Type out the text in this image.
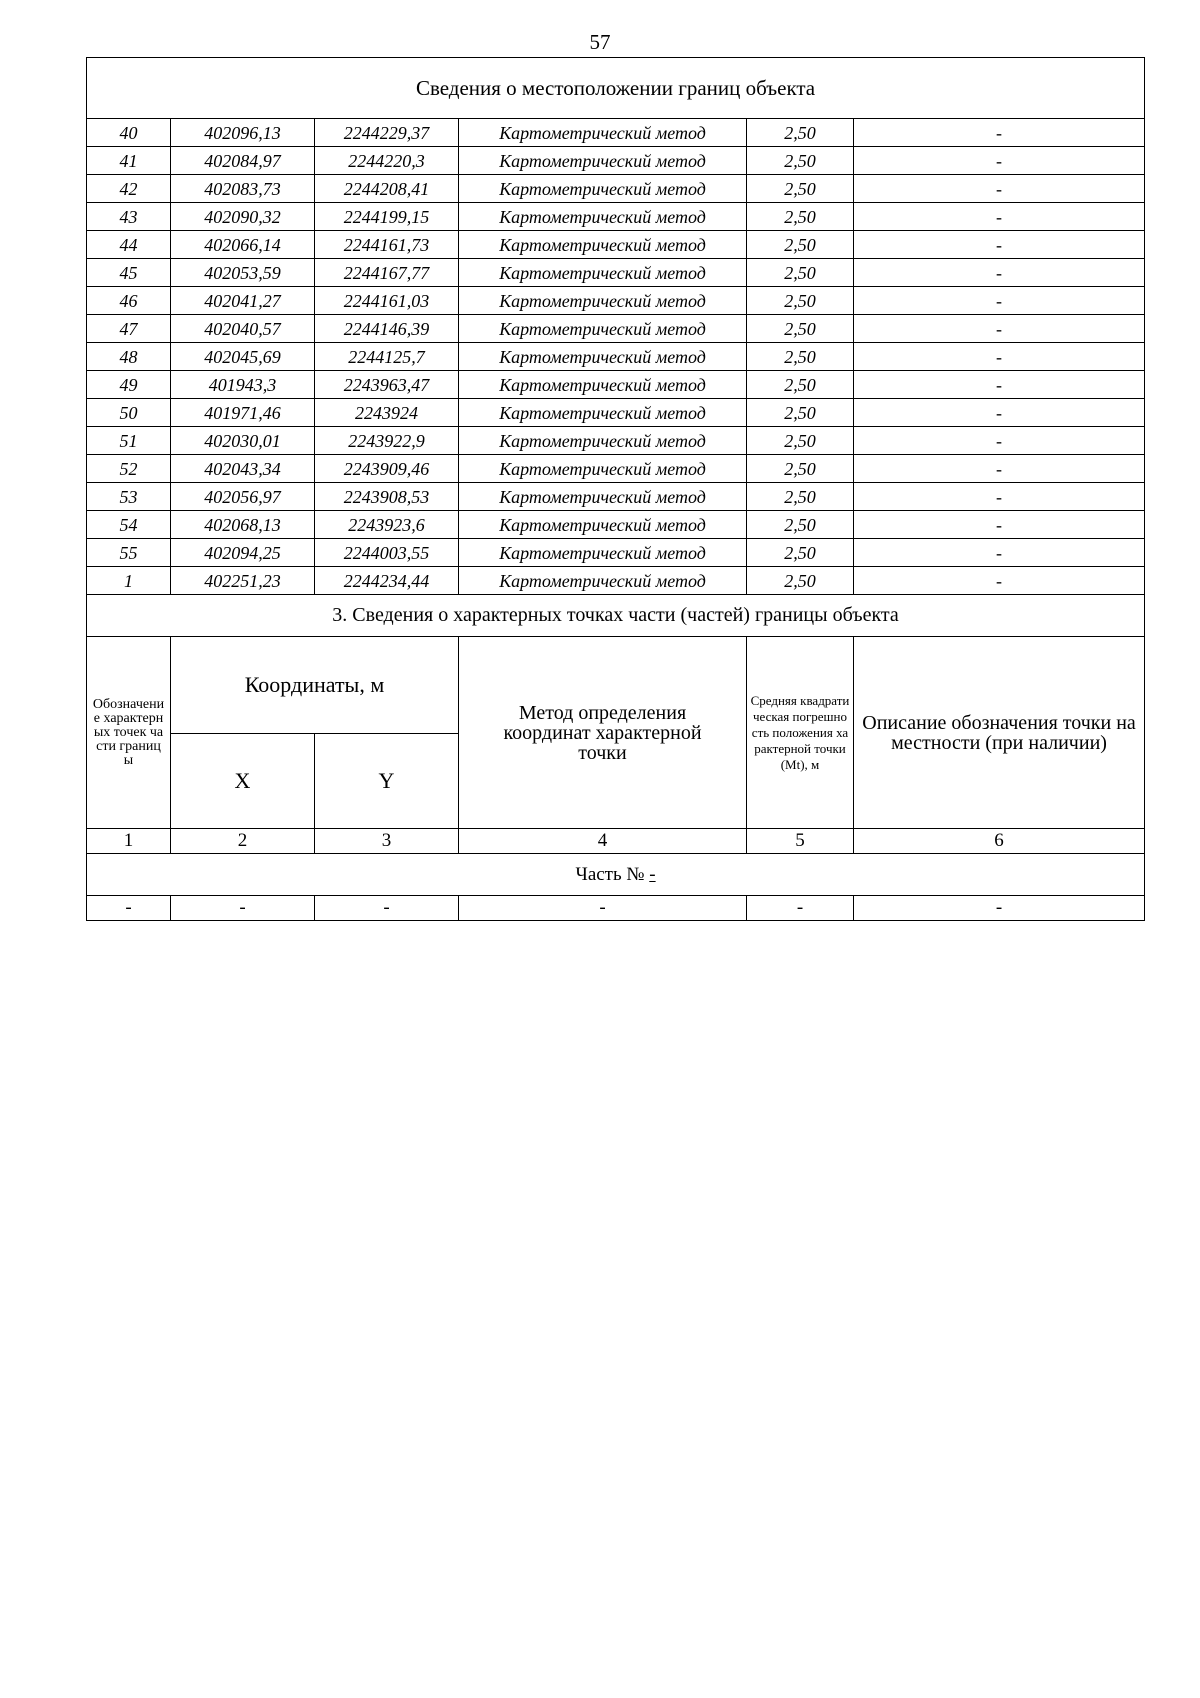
57
Сведения о местоположении границ объекта					
40	402096,13	2244229,37	Картометрический метод	2,50	-
41	402084,97	2244220,3	Картометрический метод	2,50	-
42	402083,73	2244208,41	Картометрический метод	2,50	-
43	402090,32	2244199,15	Картометрический метод	2,50	-
44	402066,14	2244161,73	Картометрический метод	2,50	-
45	402053,59	2244167,77	Картометрический метод	2,50	-
46	402041,27	2244161,03	Картометрический метод	2,50	-
47	402040,57	2244146,39	Картометрический метод	2,50	-
48	402045,69	2244125,7	Картометрический метод	2,50	-
49	401943,3	2243963,47	Картометрический метод	2,50	-
50	401971,46	2243924	Картометрический метод	2,50	-
51	402030,01	2243922,9	Картометрический метод	2,50	-
52	402043,34	2243909,46	Картометрический метод	2,50	-
53	402056,97	2243908,53	Картометрический метод	2,50	-
54	402068,13	2243923,6	Картометрический метод	2,50	-
55	402094,25	2244003,55	Картометрический метод	2,50	-
1	402251,23	2244234,44	Картометрический метод	2,50	-
3. Сведения о характерных точках части (частей) границы объекта					

Обозначение характерных точек части границы	Координаты, м		Метод определения координат характерной точки	Средняя квадратическая погрешность положения характерной точки (Mt), м	Описание обозначения точки на местности (при наличии)
	X	Y			
1	2	3	4	5	6
Часть № -					
-	-	-	-	-	-
